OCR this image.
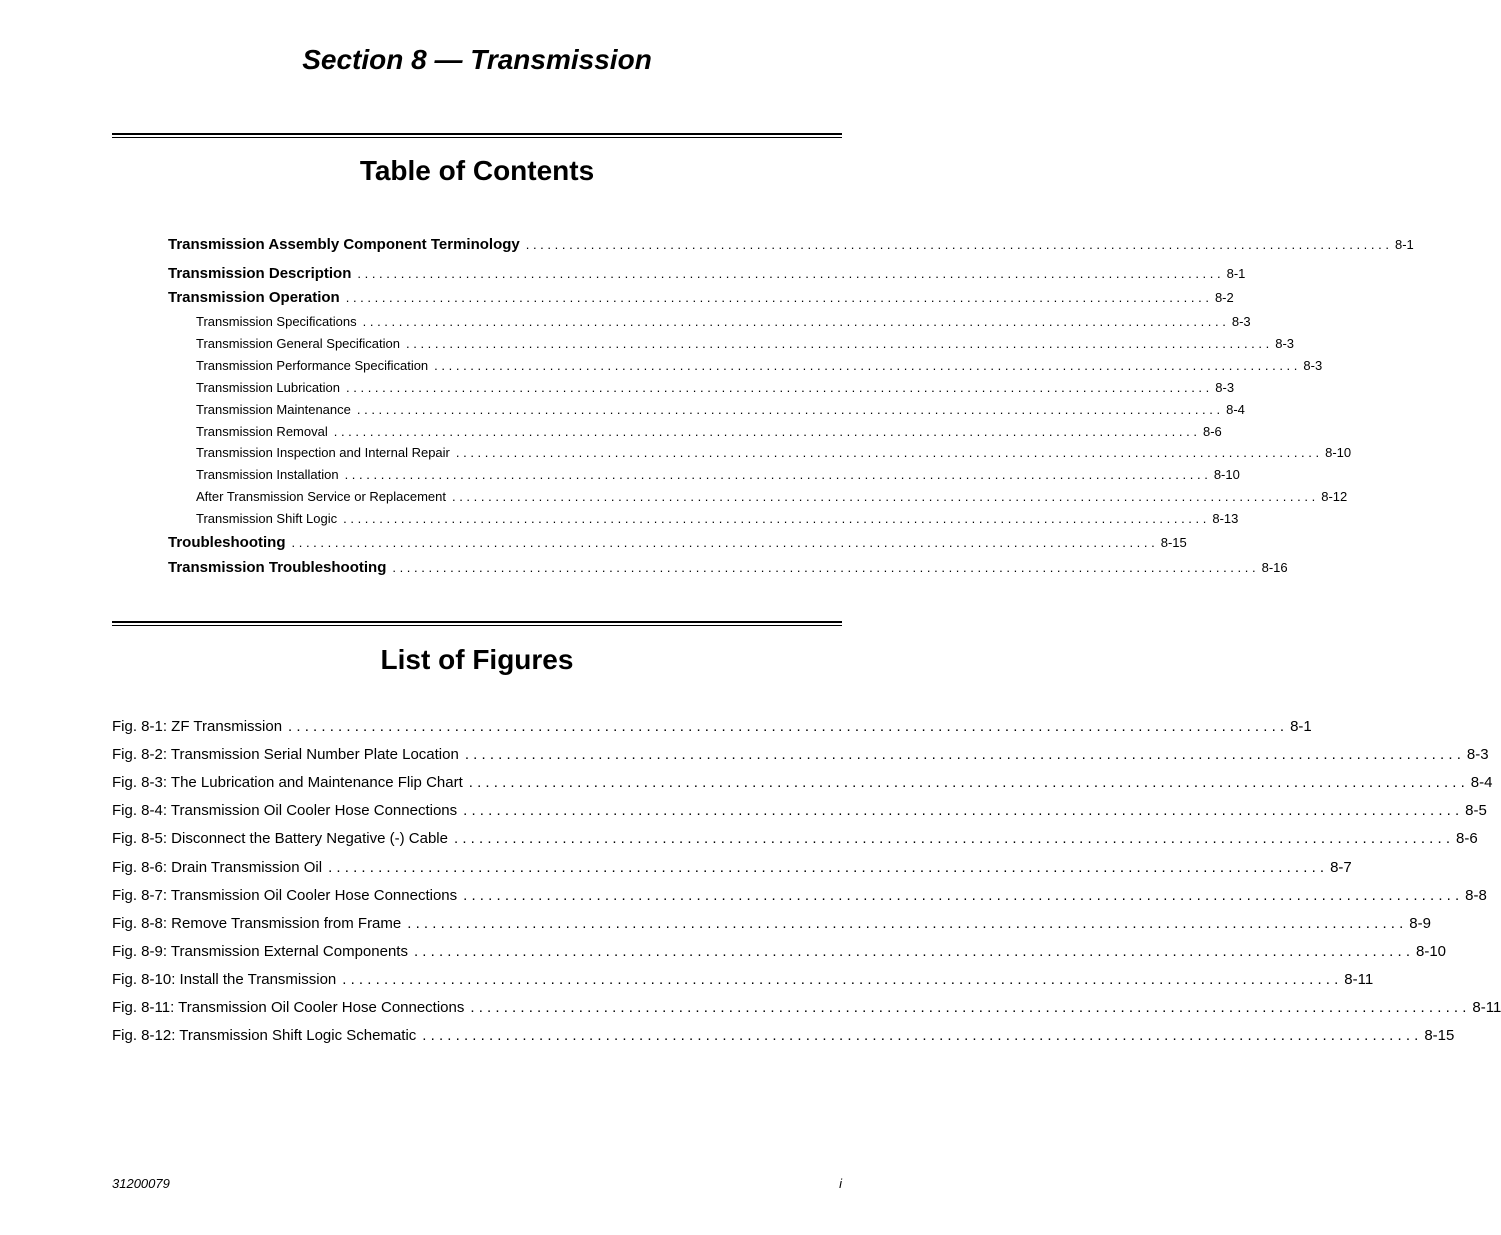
Section 8 — Transmission
Table of Contents
Transmission Assembly Component Terminology . . . . . . . . . . . . . . . . . . . . . . . . . . . . . . . . . . . . . . . . . . . . . . . . . . . . . . . . . . . . . . . . . . . . . . . . . . . . . . . . . . . . . . . . . . . . . . . . . . . . . . . . . . . . . . . . . . . . . . . . 8-1
Transmission Description . . . . . . . . . . . . . . . . . . . . . . . . . . . . . . . . . . . . . . . . . . . . . . . . . . . . . . . . . . . . . . . . . . . . . . . . . . . . . . . . . . . . . . . . . . . . . . . . . . . . . . . . . . . . . . . . . . . . . . . . 8-1
Transmission Operation . . . . . . . . . . . . . . . . . . . . . . . . . . . . . . . . . . . . . . . . . . . . . . . . . . . . . . . . . . . . . . . . . . . . . . . . . . . . . . . . . . . . . . . . . . . . . . . . . . . . . . . . . . . . . . . . . . . . . . . . 8-2
Transmission Specifications . . . . . . . . . . . . . . . . . . . . . . . . . . . . . . . . . . . . . . . . . . . . . . . . . . . . . . . . . . . . . . . . . . . . . . . . . . . . . . . . . . . . . . . . . . . . . . . . . . . . . . . . . . . . . . . . . . . . . . . . 8-3
Transmission General Specification . . . . . . . . . . . . . . . . . . . . . . . . . . . . . . . . . . . . . . . . . . . . . . . . . . . . . . . . . . . . . . . . . . . . . . . . . . . . . . . . . . . . . . . . . . . . . . . . . . . . . . . . . . . . . . . . . . . . . . . . 8-3
Transmission Performance Specification . . . . . . . . . . . . . . . . . . . . . . . . . . . . . . . . . . . . . . . . . . . . . . . . . . . . . . . . . . . . . . . . . . . . . . . . . . . . . . . . . . . . . . . . . . . . . . . . . . . . . . . . . . . . . . . . . . . . . . . . 8-3
Transmission Lubrication . . . . . . . . . . . . . . . . . . . . . . . . . . . . . . . . . . . . . . . . . . . . . . . . . . . . . . . . . . . . . . . . . . . . . . . . . . . . . . . . . . . . . . . . . . . . . . . . . . . . . . . . . . . . . . . . . . . . . . . . 8-3
Transmission Maintenance . . . . . . . . . . . . . . . . . . . . . . . . . . . . . . . . . . . . . . . . . . . . . . . . . . . . . . . . . . . . . . . . . . . . . . . . . . . . . . . . . . . . . . . . . . . . . . . . . . . . . . . . . . . . . . . . . . . . . . . . 8-4
Transmission Removal . . . . . . . . . . . . . . . . . . . . . . . . . . . . . . . . . . . . . . . . . . . . . . . . . . . . . . . . . . . . . . . . . . . . . . . . . . . . . . . . . . . . . . . . . . . . . . . . . . . . . . . . . . . . . . . . . . . . . . . . 8-6
Transmission Inspection and Internal Repair . . . . . . . . . . . . . . . . . . . . . . . . . . . . . . . . . . . . . . . . . . . . . . . . . . . . . . . . . . . . . . . . . . . . . . . . . . . . . . . . . . . . . . . . . . . . . . . . . . . . . . . . . . . . . . . . . . . . . . . . 8-10
Transmission Installation . . . . . . . . . . . . . . . . . . . . . . . . . . . . . . . . . . . . . . . . . . . . . . . . . . . . . . . . . . . . . . . . . . . . . . . . . . . . . . . . . . . . . . . . . . . . . . . . . . . . . . . . . . . . . . . . . . . . . . . . 8-10
After Transmission Service or Replacement . . . . . . . . . . . . . . . . . . . . . . . . . . . . . . . . . . . . . . . . . . . . . . . . . . . . . . . . . . . . . . . . . . . . . . . . . . . . . . . . . . . . . . . . . . . . . . . . . . . . . . . . . . . . . . . . . . . . . . . . 8-12
Transmission Shift Logic . . . . . . . . . . . . . . . . . . . . . . . . . . . . . . . . . . . . . . . . . . . . . . . . . . . . . . . . . . . . . . . . . . . . . . . . . . . . . . . . . . . . . . . . . . . . . . . . . . . . . . . . . . . . . . . . . . . . . . . . 8-13
Troubleshooting . . . . . . . . . . . . . . . . . . . . . . . . . . . . . . . . . . . . . . . . . . . . . . . . . . . . . . . . . . . . . . . . . . . . . . . . . . . . . . . . . . . . . . . . . . . . . . . . . . . . . . . . . . . . . . . . . . . . . . . . 8-15
Transmission Troubleshooting . . . . . . . . . . . . . . . . . . . . . . . . . . . . . . . . . . . . . . . . . . . . . . . . . . . . . . . . . . . . . . . . . . . . . . . . . . . . . . . . . . . . . . . . . . . . . . . . . . . . . . . . . . . . . . . . . . . . . . . . 8-16
List of Figures
Fig. 8-1: ZF Transmission . . . . . . . . . . . . . . . . . . . . . . . . . . . . . . . . . . . . . . . . . . . . . . . . . . . . . . . . . . . . . . . . . . . . . . . . . . . . . . . . . . . . . . . . . . . . . . . . . . . . . . . . . . . . . . . . . . . . . . . . 8-1
Fig. 8-2: Transmission Serial Number Plate Location . . . . . . . . . . . . . . . . . . . . . . . . . . . . . . . . . . . . . . . . . . . . . . . . . . . . . . . . . . . . . . . . . . . . . . . . . . . . . . . . . . . . . . . . . . . . . . . . . . . . . . . . . . . . . . . . . . . . . . . . 8-3
Fig. 8-3: The Lubrication and Maintenance Flip Chart . . . . . . . . . . . . . . . . . . . . . . . . . . . . . . . . . . . . . . . . . . . . . . . . . . . . . . . . . . . . . . . . . . . . . . . . . . . . . . . . . . . . . . . . . . . . . . . . . . . . . . . . . . . . . . . . . . . . . . . . 8-4
Fig. 8-4: Transmission Oil Cooler Hose Connections . . . . . . . . . . . . . . . . . . . . . . . . . . . . . . . . . . . . . . . . . . . . . . . . . . . . . . . . . . . . . . . . . . . . . . . . . . . . . . . . . . . . . . . . . . . . . . . . . . . . . . . . . . . . . . . . . . . . . . . . 8-5
Fig. 8-5: Disconnect the Battery Negative (-) Cable . . . . . . . . . . . . . . . . . . . . . . . . . . . . . . . . . . . . . . . . . . . . . . . . . . . . . . . . . . . . . . . . . . . . . . . . . . . . . . . . . . . . . . . . . . . . . . . . . . . . . . . . . . . . . . . . . . . . . . . . 8-6
Fig. 8-6: Drain Transmission Oil . . . . . . . . . . . . . . . . . . . . . . . . . . . . . . . . . . . . . . . . . . . . . . . . . . . . . . . . . . . . . . . . . . . . . . . . . . . . . . . . . . . . . . . . . . . . . . . . . . . . . . . . . . . . . . . . . . . . . . . . 8-7
Fig. 8-7: Transmission Oil Cooler Hose Connections . . . . . . . . . . . . . . . . . . . . . . . . . . . . . . . . . . . . . . . . . . . . . . . . . . . . . . . . . . . . . . . . . . . . . . . . . . . . . . . . . . . . . . . . . . . . . . . . . . . . . . . . . . . . . . . . . . . . . . . . 8-8
Fig. 8-8: Remove Transmission from Frame . . . . . . . . . . . . . . . . . . . . . . . . . . . . . . . . . . . . . . . . . . . . . . . . . . . . . . . . . . . . . . . . . . . . . . . . . . . . . . . . . . . . . . . . . . . . . . . . . . . . . . . . . . . . . . . . . . . . . . . . 8-9
Fig. 8-9: Transmission External Components . . . . . . . . . . . . . . . . . . . . . . . . . . . . . . . . . . . . . . . . . . . . . . . . . . . . . . . . . . . . . . . . . . . . . . . . . . . . . . . . . . . . . . . . . . . . . . . . . . . . . . . . . . . . . . . . . . . . . . . . 8-10
Fig. 8-10: Install the Transmission . . . . . . . . . . . . . . . . . . . . . . . . . . . . . . . . . . . . . . . . . . . . . . . . . . . . . . . . . . . . . . . . . . . . . . . . . . . . . . . . . . . . . . . . . . . . . . . . . . . . . . . . . . . . . . . . . . . . . . . . 8-11
Fig. 8-11: Transmission Oil Cooler Hose Connections . . . . . . . . . . . . . . . . . . . . . . . . . . . . . . . . . . . . . . . . . . . . . . . . . . . . . . . . . . . . . . . . . . . . . . . . . . . . . . . . . . . . . . . . . . . . . . . . . . . . . . . . . . . . . . . . . . . . . . . . 8-11
Fig. 8-12: Transmission Shift Logic Schematic . . . . . . . . . . . . . . . . . . . . . . . . . . . . . . . . . . . . . . . . . . . . . . . . . . . . . . . . . . . . . . . . . . . . . . . . . . . . . . . . . . . . . . . . . . . . . . . . . . . . . . . . . . . . . . . . . . . . . . . . 8-15
31200079	i
